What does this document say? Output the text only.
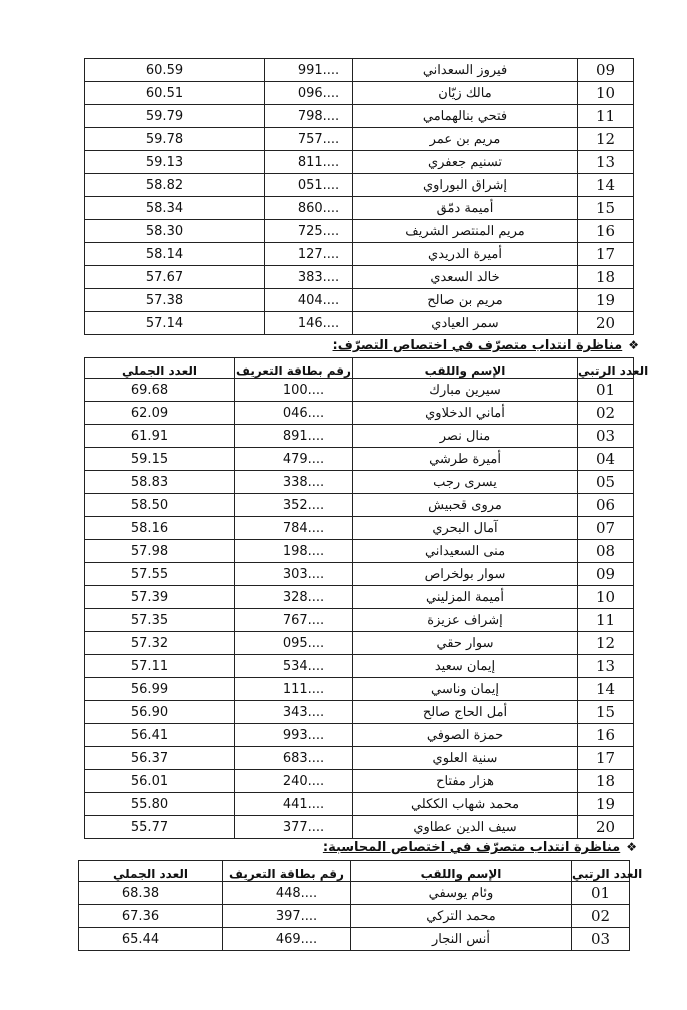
60.59	991....	فيروز السعداني	09
60.51	096....	مالك زيّان	10
59.79	798....	فتحي بنالهمامي	11
59.78	757....	مريم بن عمر	12
59.13	811....	تسنيم جعفري	13
58.82	051....	إشراق البوراوي	14
58.34	860....	أميمة دمّق	15
58.30	725....	مريم المنتصر الشريف	16
58.14	127....	أميرة الدريدي	17
57.67	383....	خالد السعدي	18
57.38	404....	مريم بن صالح	19
57.14	146....	سمر العيادي	20
❖مناظرة انتداب متصرّف في اختصاص التصرّف:
العدد الجملي	رقم بطاقة التعريف	الإسم واللقب	العدد الرتبي
69.68	100....	سيرين مبارك	01
62.09	046....	أماني الدخلاوي	02
61.91	891....	منال نصر	03
59.15	479....	أميرة طرشي	04
58.83	338....	يسرى رجب	05
58.50	352....	مروى قحبيش	06
58.16	784....	آمال البحري	07
57.98	198....	منى السعيداني	08
57.55	303....	سوار بولخراص	09
57.39	328....	أميمة المزليني	10
57.35	767....	إشراف عزيزة	11
57.32	095....	سوار حقي	12
57.11	534....	إيمان سعيد	13
56.99	111....	إيمان وناسي	14
56.90	343....	أمل الحاج صالح	15
56.41	993....	حمزة الصوفي	16
56.37	683....	سنية العلوي	17
56.01	240....	هزار مفتاح	18
55.80	441....	محمد شهاب الككلي	19
55.77	377....	سيف الدين عطاوي	20
❖مناظرة انتداب متصرّف في اختصاص المحاسبة:
العدد الجملي	رقم بطاقة التعريف	الإسم واللقب	العدد الرتبي
68.38	448....	وئام يوسفي	01
67.36	397....	محمد التركي	02
65.44	469....	أنس النجار	03
